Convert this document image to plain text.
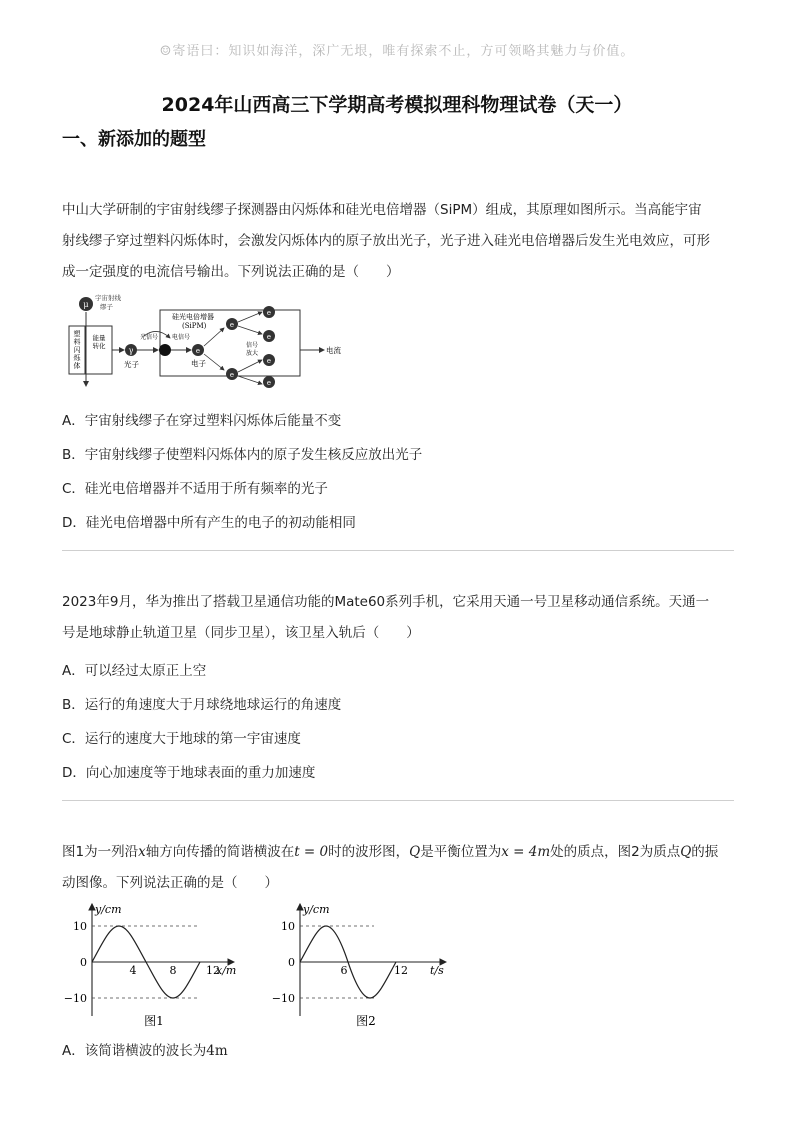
☺寄语曰：知识如海洋，深广无垠，唯有探索不止，方可领略其魅力与价值。
2024年山西高三下学期高考模拟理科物理试卷（天一）
一、新添加的题型
中山大学研制的宇宙射线缪子探测器由闪烁体和硅光电倍增器（SiPM）组成，其原理如图所示。当高能宇宙
射线缪子穿过塑料闪烁体时，会激发闪烁体内的原子放出光子，光子进入硅光电倍增器后发生光电效应，可形
成一定强度的电流信号输出。下列说法正确的是（　　）
μ
宇宙射线
缪子
塑
料
闪
烁
体
能量
转化	γ
光子
光信号
硅光电倍增器
(SiPM)
电信号
e
电子
e
e
信号
放大
e
e
e
e
电流
A．宇宙射线缪子在穿过塑料闪烁体后能量不变
B．宇宙射线缪子使塑料闪烁体内的原子发生核反应放出光子
C．硅光电倍增器并不适用于所有频率的光子
D．硅光电倍增器中所有产生的电子的初动能相同
2023年9月，华为推出了搭载卫星通信功能的Mate60系列手机，它采用天通一号卫星移动通信系统。天通一
号是地球静止轨道卫星（同步卫星），该卫星入轨后（　　）
A．可以经过太原正上空
B．运行的角速度大于月球绕地球运行的角速度
C．运行的速度大于地球的第一宇宙速度
D．向心加速度等于地球表面的重力加速度
图1为一列沿x轴方向传播的简谐横波在t = 0时的波形图，Q是平衡位置为x = 4m处的质点，图2为质点Q的振
动图像。下列说法正确的是（　　）
y/cm
x/m
10
0
−10
4	8	12
图1
y/cm
t/s
10
0
−10
6	12
图2
A．该简谐横波的波长为4m
